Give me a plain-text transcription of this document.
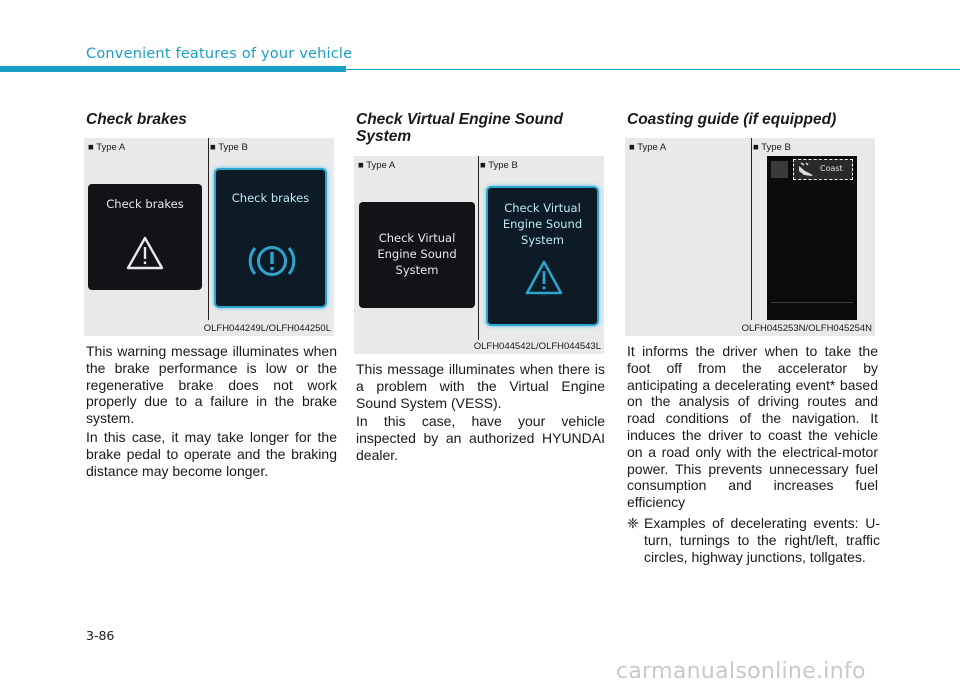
Convenient features of your vehicle
Check brakes
■ Type A	■ Type B
Check brakes	Check brakes
OLFH044249L/OLFH044250L

This warning message illuminates when the brake performance is low or the regenerative brake does not work properly due to a failure in the brake system.

In this case, it may take longer for the brake pedal to operate and the braking distance may become longer.

Check Virtual Engine Sound
System
■ Type A	■ Type B
Check Virtual
Engine Sound
System
Check Virtual
Engine Sound
System
OLFH044542L/OLFH044543L

This message illuminates when there is a problem with the Virtual Engine Sound System (VESS).

In this case, have your vehicle inspected by an authorized HYUNDAI dealer.

Coasting guide (if equipped)
■ Type A	■ Type B
Coast
OLFH045253N/OLFH045254N

It informs the driver when to take the foot off from the accelerator by anticipating a decelerating event* based on the analysis of driving routes and road conditions of the navigation. It induces the driver to coast the vehicle on a road only with the electrical-motor power. This prevents unnecessary fuel consumption and increases fuel efficiency

❈ Examples of decelerating events: U-turn, turnings to the right/left, traffic circles, highway junctions, tollgates.
3-86
carmanualsonline.info
